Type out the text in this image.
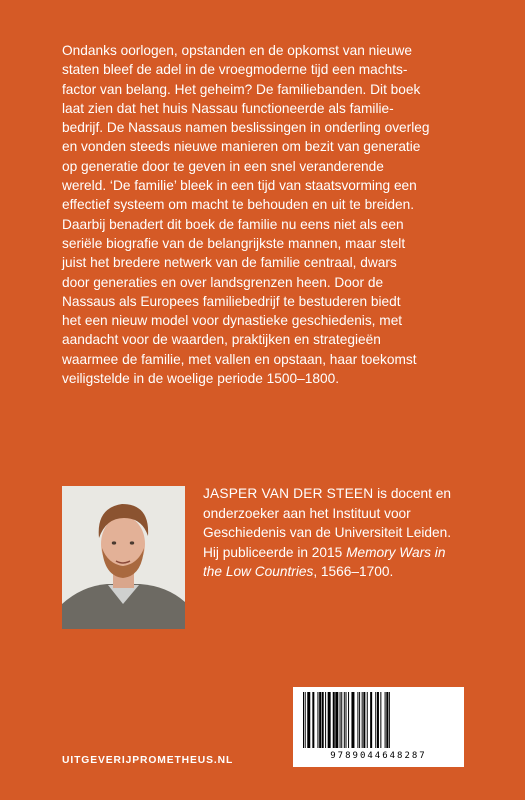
Ondanks oorlogen, opstanden en de opkomst van nieuwe
staten bleef de adel in de vroegmoderne tijd een machts-
factor van belang. Het geheim? De familiebanden. Dit boek
laat zien dat het huis Nassau functioneerde als familie-
bedrijf. De Nassaus namen beslissingen in onderling overleg
en vonden steeds nieuwe manieren om bezit van generatie
op generatie door te geven in een snel veranderende
wereld. ‘De familie’ bleek in een tijd van staatsvorming een
effectief systeem om macht te behouden en uit te breiden.
Daarbij benadert dit boek de familie nu eens niet als een
seriële biografie van de belangrijkste mannen, maar stelt
juist het bredere netwerk van de familie centraal, dwars
door generaties en over landsgrenzen heen. Door de
Nassaus als Europees familiebedrijf te bestuderen biedt
het een nieuw model voor dynastieke geschiedenis, met
aandacht voor de waarden, praktijken en strategieën
waarmee de familie, met vallen en opstaan, haar toekomst
veiligstelde in de woelige periode 1500–1800.
JASPER VAN DER STEEN is docent en
onderzoeker aan het Instituut voor
Geschiedenis van de Universiteit Leiden.
Hij publiceerde in 2015 Memory Wars in
the Low Countries, 1566–1700.
9789044648287
UITGEVERIJPROMETHEUS.NL
